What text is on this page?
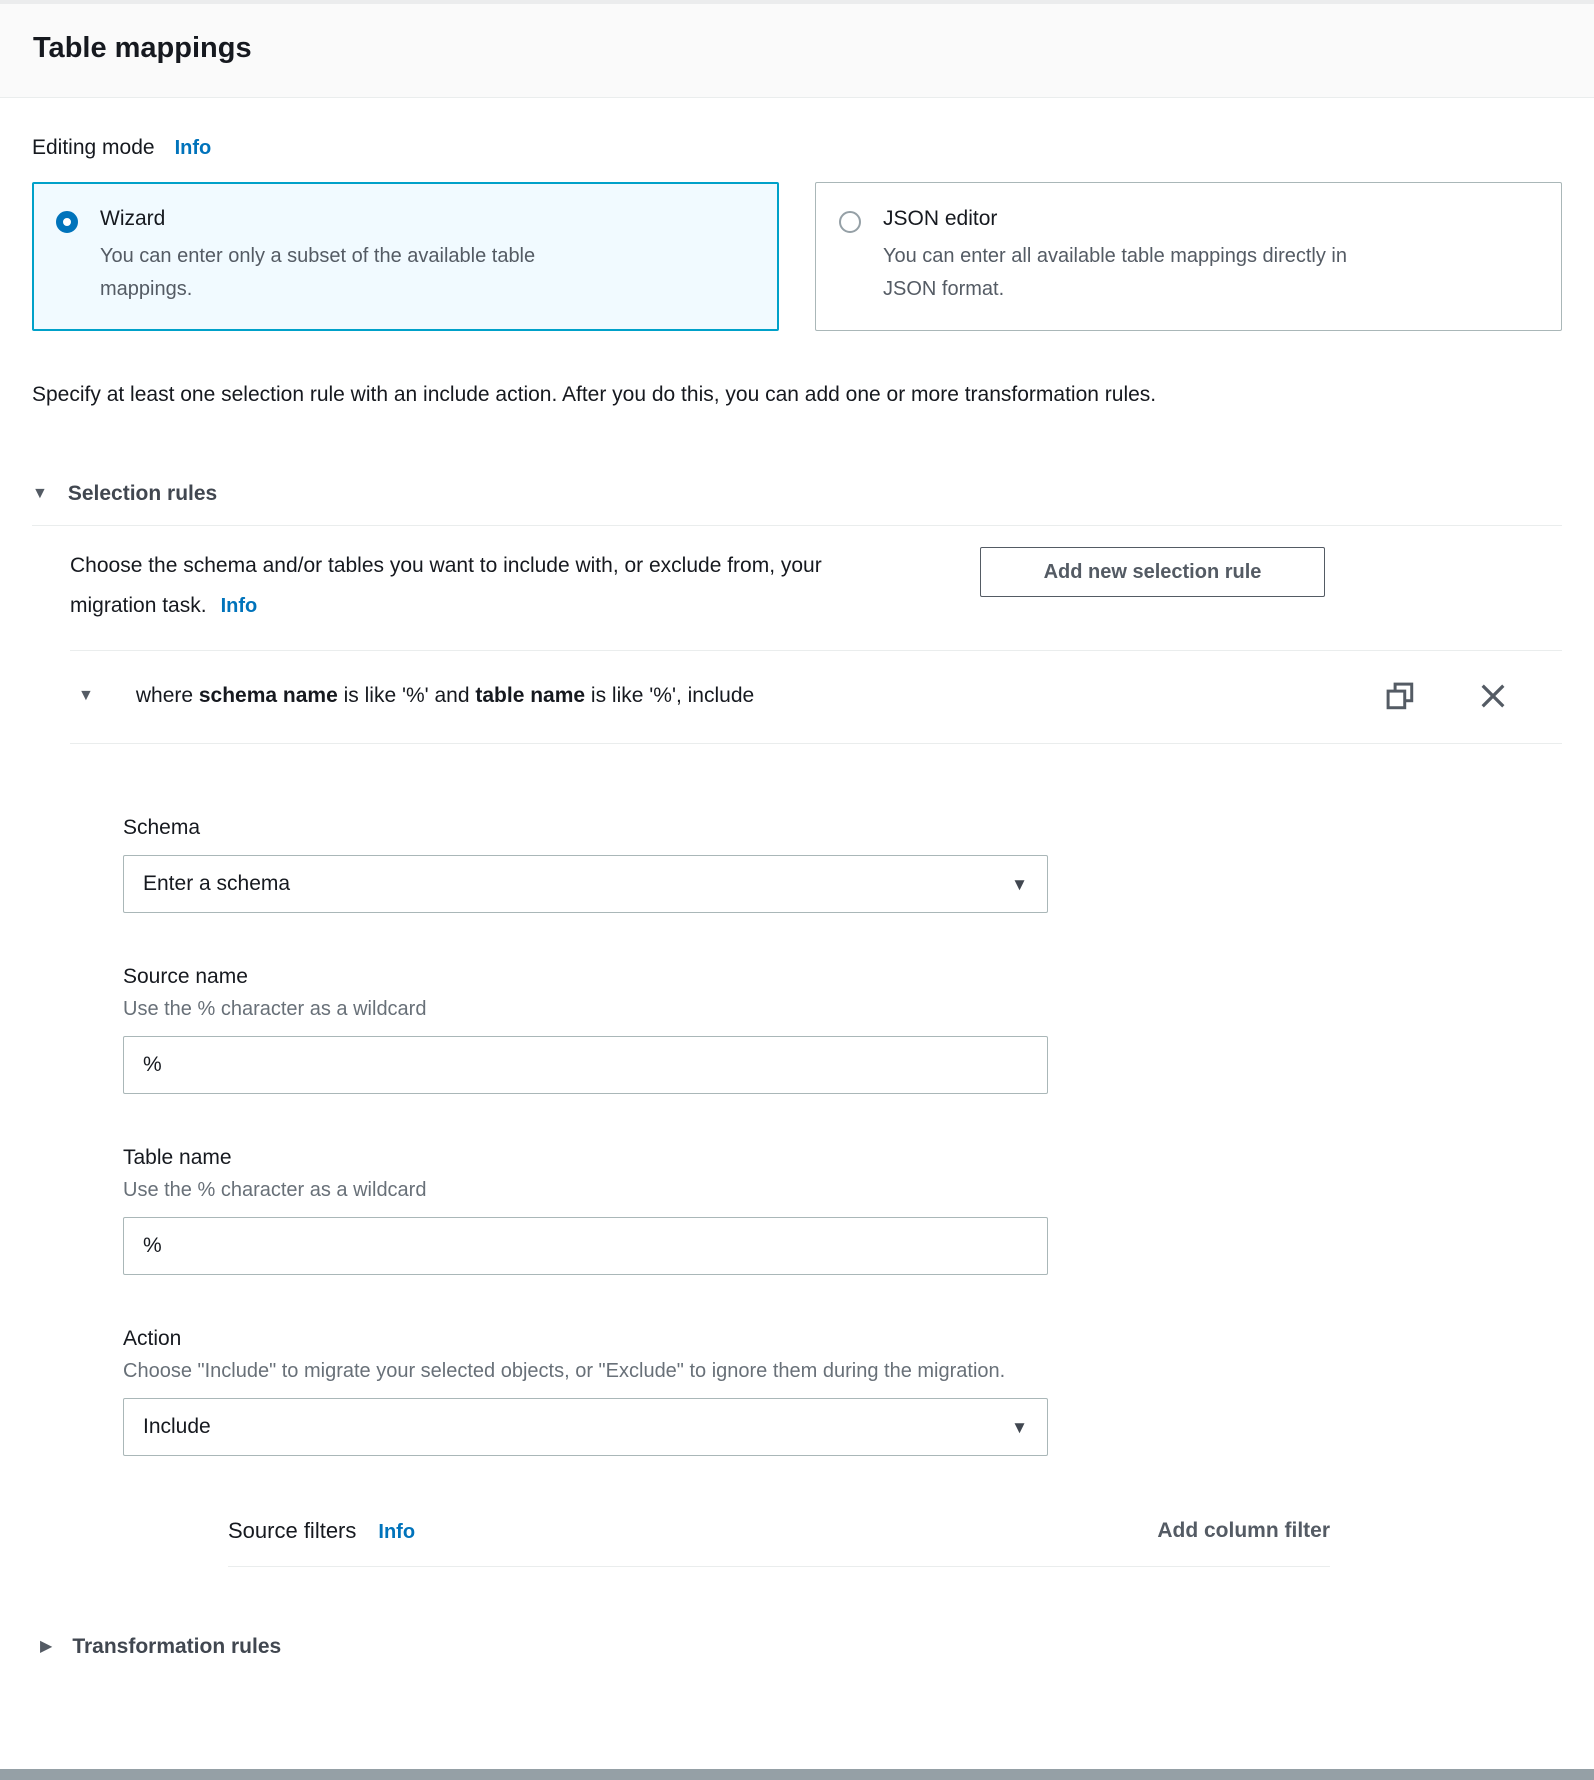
Table mappings
Editing mode Info
Wizard
You can enter only a subset of the available table mappings.
JSON editor
You can enter all available table mappings directly in JSON format.

Specify at least one selection rule with an include action. After you do this, you can add one or more transformation rules.

▼ Selection rules

Choose the schema and/or tables you want to include with, or exclude from, your migration task. Info

Add new selection rule
▼ where schema name is like '%' and table name is like '%', include
Schema
Enter a schema	▼
Source name
Use the % character as a wildcard
%
Table name
Use the % character as a wildcard
%
Action
Choose "Include" to migrate your selected objects, or "Exclude" to ignore them during the migration.
Include	▼
Source filters Info	Add column filter
▶ Transformation rules
